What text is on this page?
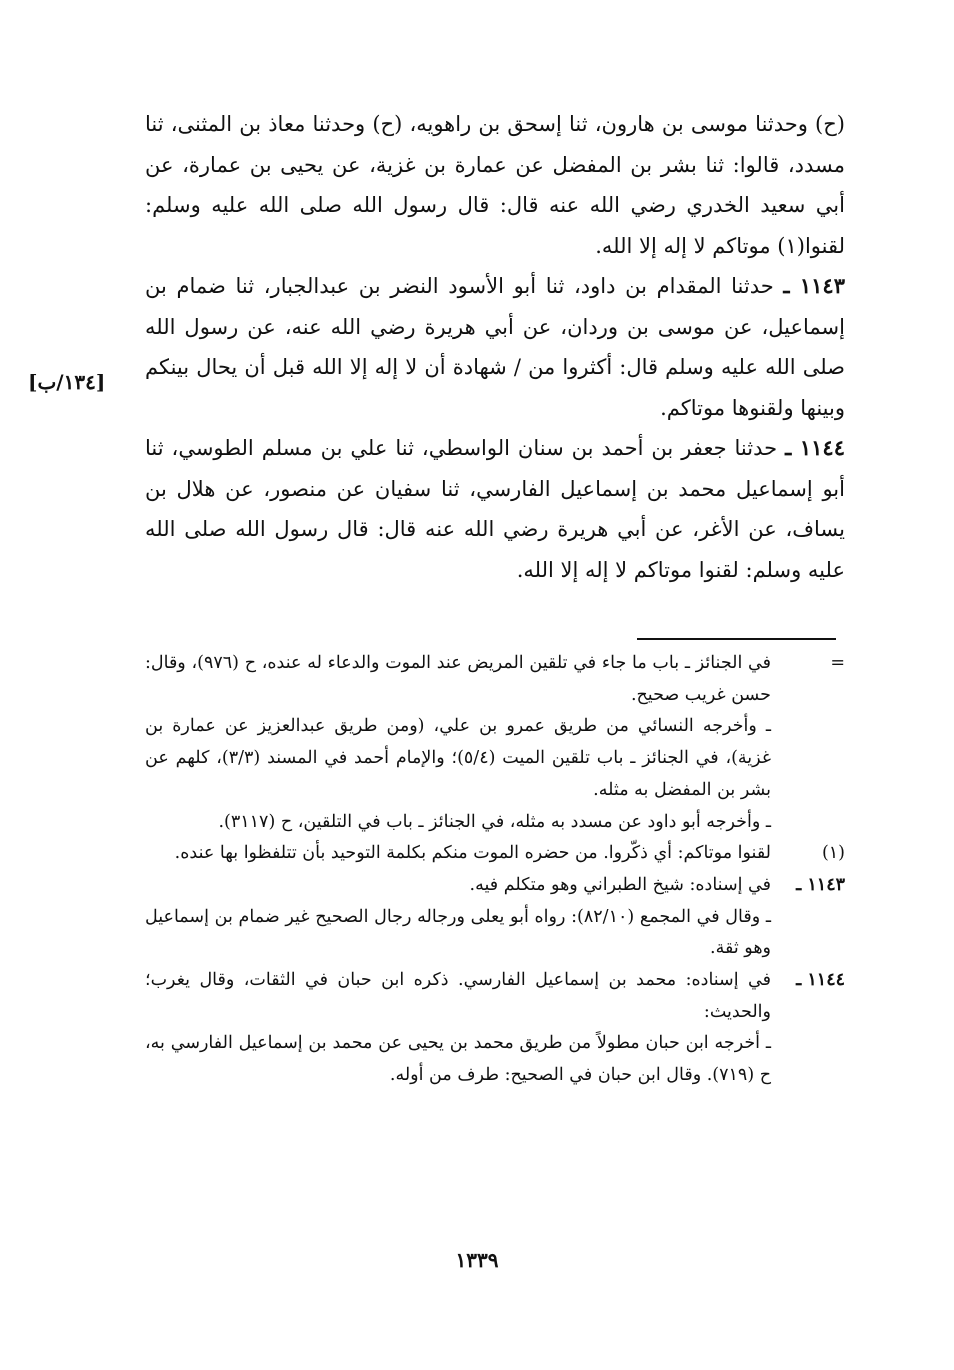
(ح) وحدثنا موسى بن هارون، ثنا إسحق بن راهويه، (ح) وحدثنا معاذ بن المثنى، ثنا مسدد، قالوا: ثنا بشر بن المفضل عن عمارة بن غزية، عن يحيى بن عمارة، عن أبي سعيد الخدري رضي الله عنه قال: قال رسول الله صلى الله عليه وسلم: لقنوا(١) موتاكم لا إله إلا الله.

١١٤٣ ـ حدثنا المقدام بن داود، ثنا أبو الأسود النضر بن عبدالجبار، ثنا ضمام بن إسماعيل، عن موسى بن وردان، عن أبي هريرة رضي الله عنه، عن رسول الله صلى الله عليه وسلم قال: أكثروا من / شهادة أن لا إله إلا الله قبل أن يحال بينكم وبينها ولقنوها موتاكم.

١١٤٤ ـ حدثنا جعفر بن أحمد بن سنان الواسطي، ثنا علي بن مسلم الطوسي، ثنا أبو إسماعيل محمد بن إسماعيل الفارسي، ثنا سفيان عن منصور، عن هلال بن يساف، عن الأغر، عن أبي هريرة رضي الله عنه قال: قال رسول الله صلى الله عليه وسلم: لقنوا موتاكم لا إله إلا الله.

[١٣٤/ب]
=

في الجنائز ـ باب ما جاء في تلقين المريض عند الموت والدعاء له عنده، ح (٩٧٦)، وقال: حسن غريب صحيح.

ـ وأخرجه النسائي من طريق عمرو بن علي، (ومن طريق عبدالعزيز عن عمارة بن غزية)، في الجنائز ـ باب تلقين الميت (٥/٤)؛ والإمام أحمد في المسند (٣/٣)، كلهم عن بشر بن المفضل به مثله.

ـ وأخرجه أبو داود عن مسدد به مثله، في الجنائز ـ باب في التلقين، ح (٣١١٧).

(١)

لقنوا موتاكم: أي ذكّروا. من حضره الموت منكم بكلمة التوحيد بأن تتلفظوا بها عنده.

١١٤٣ ـ

في إسناده: شيخ الطبراني وهو متكلم فيه.

ـ وقال في المجمع (٨٢/١٠): رواه أبو يعلى ورجاله رجال الصحيح غير ضمام بن إسماعيل وهو ثقة.

١١٤٤ ـ

في إسناده: محمد بن إسماعيل الفارسي. ذكره ابن حبان في الثقات، وقال يغرب؛ والحديث:

ـ أخرجه ابن حبان مطولاً من طريق محمد بن يحيى عن محمد بن إسماعيل الفارسي به، ح (٧١٩). وقال ابن حبان في الصحيح: طرف من أوله.

١٣٣٩
